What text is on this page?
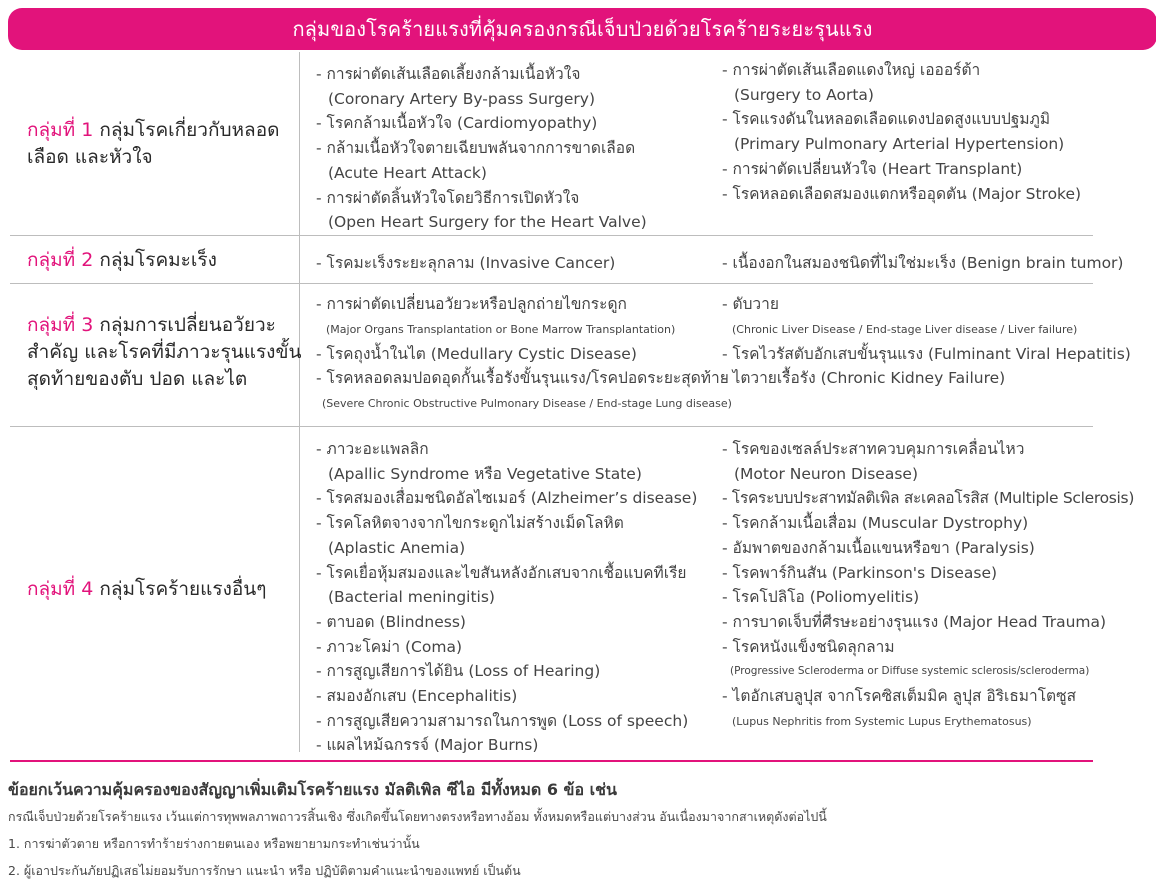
กลุ่มของโรคร้ายแรงที่คุ้มครองกรณีเจ็บป่วยด้วยโรคร้ายระยะรุนแรง
กลุ่มที่ 1 กลุ่มโรคเกี่ยวกับหลอดเลือด และหัวใจ
- การผ่าตัดเส้นเลือดเลี้ยงกล้ามเนื้อหัวใจ
(Coronary Artery By-pass Surgery)
- โรคกล้ามเนื้อหัวใจ (Cardiomyopathy)
- กล้ามเนื้อหัวใจตายเฉียบพลันจากการขาดเลือด
(Acute Heart Attack)
- การผ่าตัดลิ้นหัวใจโดยวิธีการเปิดหัวใจ
(Open Heart Surgery for the Heart Valve)
- การผ่าตัดเส้นเลือดแดงใหญ่ เอออร์ต้า
(Surgery to Aorta)
- โรคแรงดันในหลอดเลือดแดงปอดสูงแบบปฐมภูมิ
(Primary Pulmonary Arterial Hypertension)
- การผ่าตัดเปลี่ยนหัวใจ (Heart Transplant)
- โรคหลอดเลือดสมองแตกหรืออุดตัน (Major Stroke)
กลุ่มที่ 2 กลุ่มโรคมะเร็ง	- โรคมะเร็งระยะลุกลาม (Invasive Cancer)	- เนื้องอกในสมองชนิดที่ไม่ใช่มะเร็ง (Benign brain tumor)
กลุ่มที่ 3 กลุ่มการเปลี่ยนอวัยวะสำคัญ และโรคที่มีภาวะรุนแรงขั้นสุดท้ายของตับ ปอด และไต
- การผ่าตัดเปลี่ยนอวัยวะหรือปลูกถ่ายไขกระดูก
(Major Organs Transplantation or Bone Marrow Transplantation)
- โรคถุงน้ำในไต (Medullary Cystic Disease)
- โรคหลอดลมปอดอุดกั้นเรื้อรังขั้นรุนแรง/โรคปอดระยะสุดท้าย
(Severe Chronic Obstructive Pulmonary Disease / End-stage Lung disease)
- ตับวาย
(Chronic Liver Disease / End-stage Liver disease / Liver failure)
- โรคไวรัสตับอักเสบขั้นรุนแรง (Fulminant Viral Hepatitis)
- ไตวายเรื้อรัง (Chronic Kidney Failure)
กลุ่มที่ 4 กลุ่มโรคร้ายแรงอื่นๆ
- ภาวะอะแพลลิก
(Apallic Syndrome หรือ Vegetative State)
- โรคสมองเสื่อมชนิดอัลไซเมอร์ (Alzheimer’s disease)
- โรคโลหิตจางจากไขกระดูกไม่สร้างเม็ดโลหิต
(Aplastic Anemia)
- โรคเยื่อหุ้มสมองและไขสันหลังอักเสบจากเชื้อแบคทีเรีย
(Bacterial meningitis)
- ตาบอด (Blindness)
- ภาวะโคม่า (Coma)
- การสูญเสียการได้ยิน (Loss of Hearing)
- สมองอักเสบ (Encephalitis)
- การสูญเสียความสามารถในการพูด (Loss of speech)
- แผลไหม้ฉกรรจ์ (Major Burns)
- โรคของเซลล์ประสาทควบคุมการเคลื่อนไหว
(Motor Neuron Disease)
- โรคระบบประสาทมัลติเพิล สะเคลอโรสิส (Multiple Sclerosis)
- โรคกล้ามเนื้อเสื่อม (Muscular Dystrophy)
- อัมพาตของกล้ามเนื้อแขนหรือขา (Paralysis)
- โรคพาร์กินสัน (Parkinson's Disease)
- โรคโปลิโอ (Poliomyelitis)
- การบาดเจ็บที่ศีรษะอย่างรุนแรง (Major Head Trauma)
- โรคหนังแข็งชนิดลุกลาม
(Progressive Scleroderma or Diffuse systemic sclerosis/scleroderma)
- ไตอักเสบลูปุส จากโรคซิสเต็มมิค ลูปุส อิริเธมาโตซูส
(Lupus Nephritis from Systemic Lupus Erythematosus)
ข้อยกเว้นความคุ้มครองของสัญญาเพิ่มเติมโรคร้ายแรง มัลติเพิล ซีไอ มีทั้งหมด 6 ข้อ เช่น
กรณีเจ็บป่วยด้วยโรคร้ายแรง เว้นแต่การทุพพลภาพถาวรสิ้นเชิง ซึ่งเกิดขึ้นโดยทางตรงหรือทางอ้อม ทั้งหมดหรือแต่บางส่วน อันเนื่องมาจากสาเหตุดังต่อไปนี้
1. การฆ่าตัวตาย หรือการทำร้ายร่างกายตนเอง หรือพยายามกระทำเช่นว่านั้น
2. ผู้เอาประกันภัยปฏิเสธไม่ยอมรับการรักษา แนะนำ หรือ ปฏิบัติตามคำแนะนำของแพทย์ เป็นต้น
